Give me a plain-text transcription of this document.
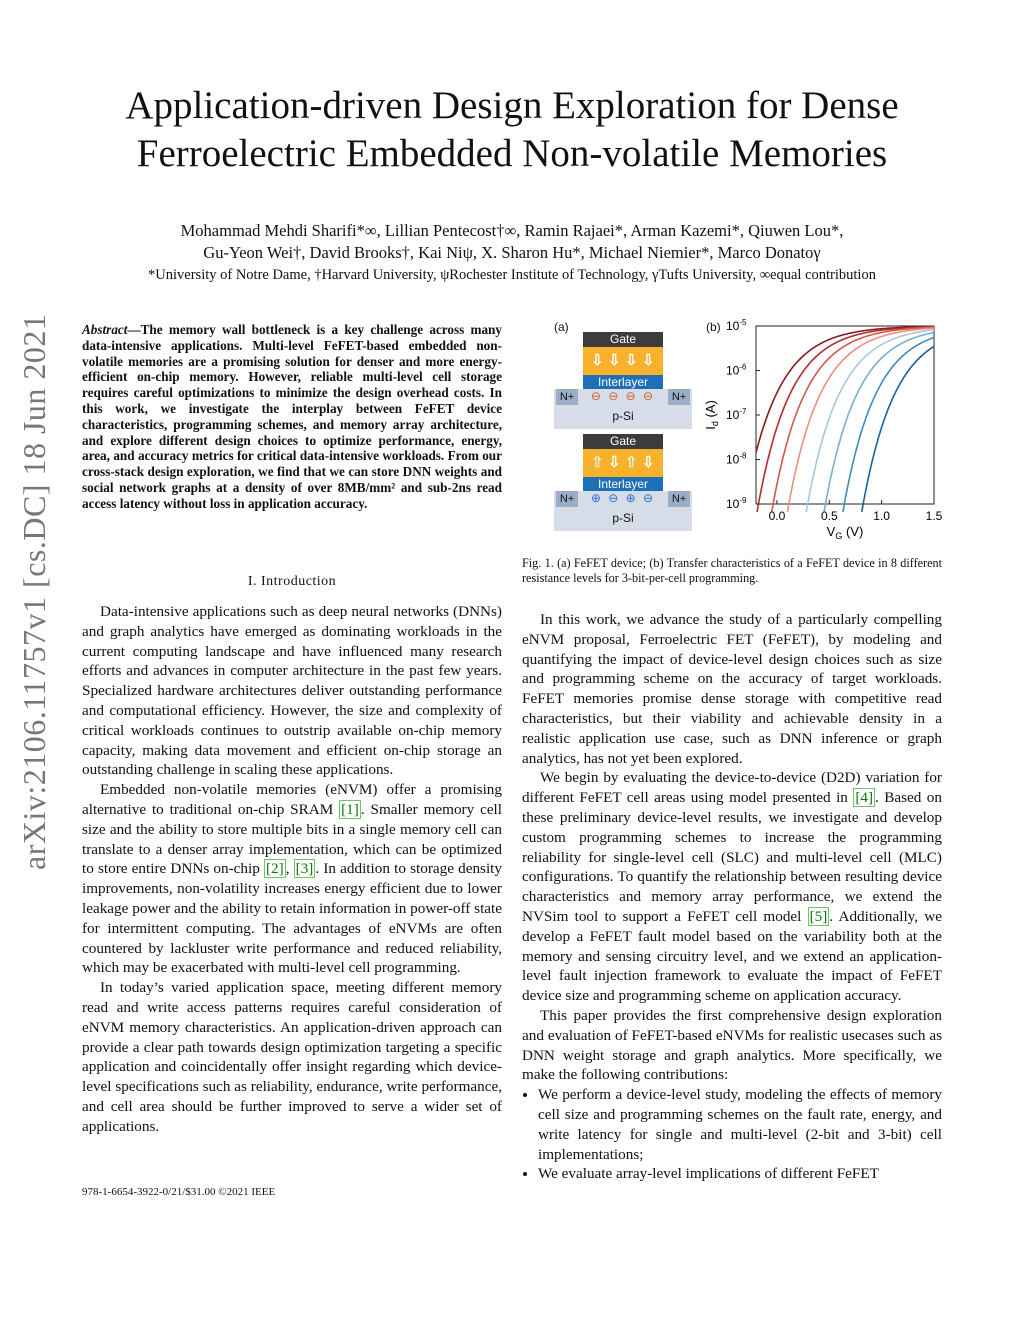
arXiv:2106.11757v1 [cs.DC] 18 Jun 2021
Application-driven Design Exploration for Dense
Ferroelectric Embedded Non-volatile Memories
Mohammad Mehdi Sharifi*∞, Lillian Pentecost†∞, Ramin Rajaei*, Arman Kazemi*, Qiuwen Lou*,
Gu-Yeon Wei†, David Brooks†, Kai Niψ, X. Sharon Hu*, Michael Niemier*, Marco Donatoγ
*University of Notre Dame, †Harvard University, ψRochester Institute of Technology, γTufts University, ∞equal contribution
Abstract—The memory wall bottleneck is a key challenge across many data-intensive applications. Multi-level FeFET-based embedded non-volatile memories are a promising solution for denser and more energy-efficient on-chip memory. However, reliable multi-level cell storage requires careful optimizations to minimize the design overhead costs. In this work, we investigate the interplay between FeFET device characteristics, programming schemes, and memory array architecture, and explore different design choices to optimize performance, energy, area, and accuracy metrics for critical data-intensive workloads. From our cross-stack design exploration, we find that we can store DNN weights and social network graphs at a density of over 8MB/mm² and sub-2ns read access latency without loss in application accuracy.
I. Introduction

Data-intensive applications such as deep neural networks (DNNs) and graph analytics have emerged as dominating workloads in the current computing landscape and have influenced many research efforts and advances in computer architecture in the past few years. Specialized hardware architectures deliver outstanding performance and computational efficiency. However, the size and complexity of critical workloads continues to outstrip available on-chip memory capacity, making data movement and efficient on-chip storage an outstanding challenge in scaling these applications.

Embedded non-volatile memories (eNVM) offer a promising alternative to traditional on-chip SRAM [1] . Smaller memory cell size and the ability to store multiple bits in a single memory cell can translate to a denser array implementation, which can be optimized to store entire DNNs on-chip [2] , [3] . In addition to storage density improvements, non-volatility increases energy efficient due to lower leakage power and the ability to retain information in power-off state for intermittent computing. The advantages of eNVMs are often countered by lackluster write performance and reduced reliability, which may be exacerbated with multi-level cell programming.

In today’s varied application space, meeting different memory read and write access patterns requires careful consideration of eNVM memory characteristics. An application-driven approach can provide a clear path towards design optimization targeting a specific application and coincidentally offer insight regarding which device-level specifications such as reliability, endurance, write performance, and cell area should be further improved to serve a wider set of applications.

978-1-6654-3922-0/21/$31.00 ©2021 IEEE
(a)	(b)
Gate
⇩ ⇩ ⇩ ⇩
Interlayer
N+	⊖ ⊖ ⊖ ⊖	N+
p-Si
Gate
⇧ ⇩ ⇧ ⇩
Interlayer
N+	⊕ ⊖ ⊕ ⊖	N+
p-Si
$10^{-5}$
$10^{-6}$
$10^{-7}$
$10^{-8}$
$10^{-9}$
0.0	0.5	1.0	1.5
$V_G$ (V)
$I_d$ (A)
Fig. 1. (a) FeFET device; (b) Transfer characteristics of a FeFET device in 8 different resistance levels for 3-bit-per-cell programming.

In this work, we advance the study of a particularly compelling eNVM proposal, Ferroelectric FET (FeFET), by modeling and quantifying the impact of device-level design choices such as size and programming scheme on the accuracy of target workloads. FeFET memories promise dense storage with competitive read characteristics, but their viability and achievable density in a realistic application use case, such as DNN inference or graph analytics, has not yet been explored.

We begin by evaluating the device-to-device (D2D) variation for different FeFET cell areas using model presented in [4] . Based on these preliminary device-level results, we investigate and develop custom programming schemes to increase the programming reliability for single-level cell (SLC) and multi-level cell (MLC) configurations. To quantify the relationship between resulting device characteristics and memory array performance, we extend the NVSim tool to support a FeFET cell model [5] . Additionally, we develop a FeFET fault model based on the variability both at the memory and sensing circuitry level, and we extend an application-level fault injection framework to evaluate the impact of FeFET device size and programming scheme on application accuracy.

This paper provides the first comprehensive design exploration and evaluation of FeFET-based eNVMs for realistic usecases such as DNN weight storage and graph analytics. More specifically, we make the following contributions:

• We perform a device-level study, modeling the effects of memory cell size and programming schemes on the fault rate, energy, and write latency for single and multi-level (2-bit and 3-bit) cell implementations;
• We evaluate array-level implications of different FeFET
